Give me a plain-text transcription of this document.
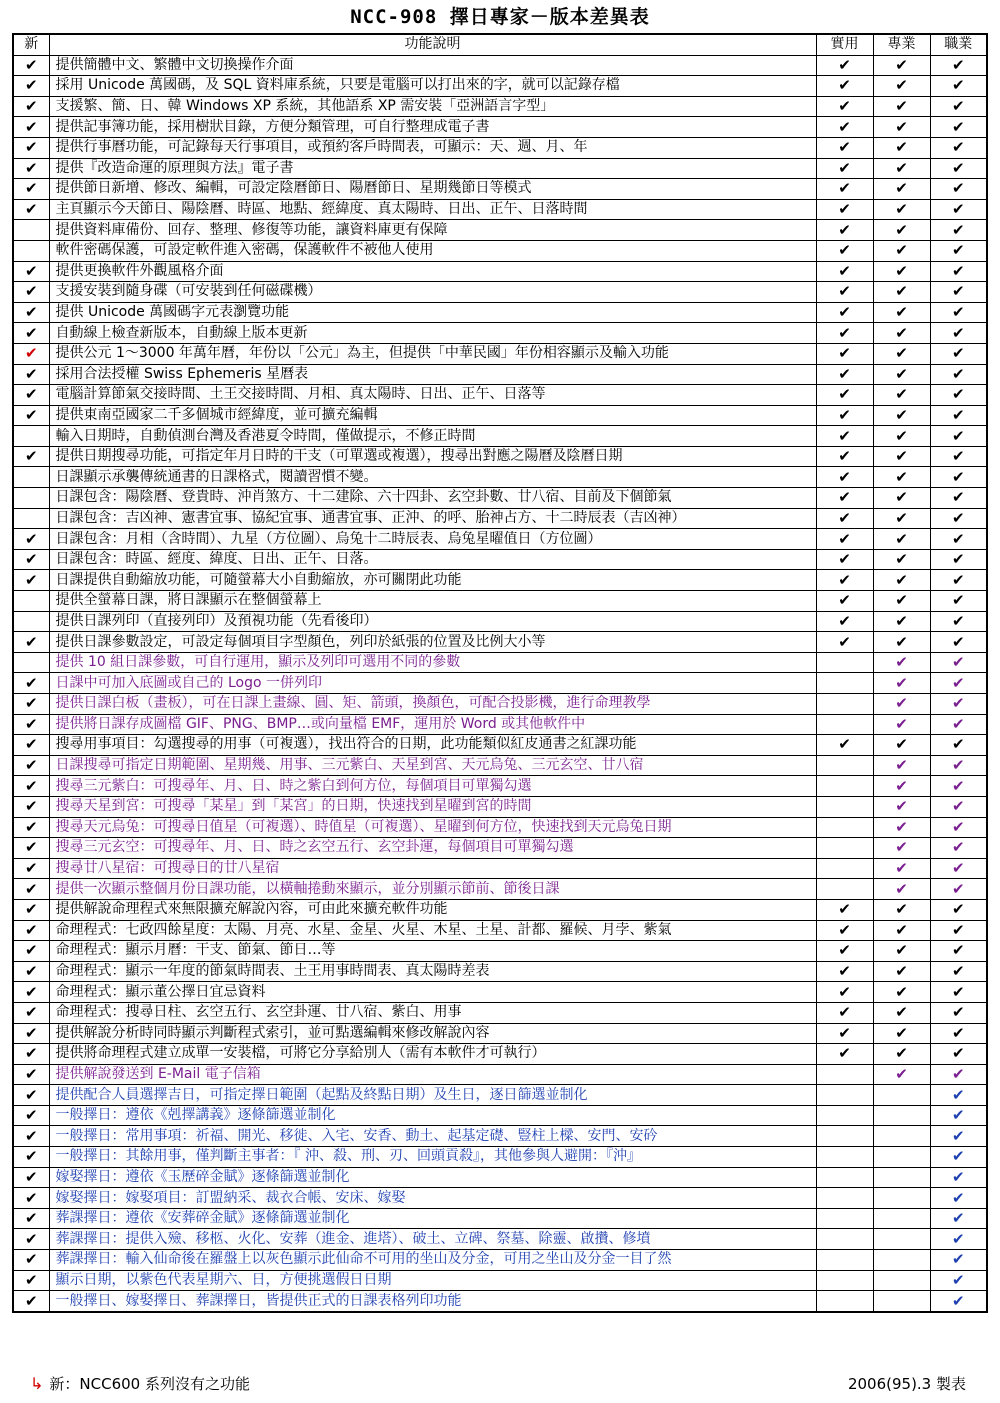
NCC-908 擇日專家－版本差異表
新	功能說明	實用	專業	職業
✔	提供簡體中文、繁體中文切換操作介面	✔	✔	✔
✔	採用 Unicode 萬國碼，及 SQL 資料庫系統，只要是電腦可以打出來的字，就可以記錄存檔	✔	✔	✔
✔	支援繁、簡、日、韓 Windows XP 系統，其他語系 XP 需安裝「亞洲語言字型」	✔	✔	✔
✔	提供記事簿功能，採用樹狀目錄，方便分類管理，可自行整理成電子書	✔	✔	✔
✔	提供行事曆功能，可記錄每天行事項目，或預約客戶時間表，可顯示：天、週、月、年	✔	✔	✔
✔	提供『改造命運的原理與方法』電子書	✔	✔	✔
✔	提供節日新增、修改、編輯，可設定陰曆節日、陽曆節日、星期幾節日等模式	✔	✔	✔
✔	主頁顯示今天節日、陽陰曆、時區、地點、經緯度、真太陽時、日出、正午、日落時間	✔	✔	✔
	提供資料庫備份、回存、整理、修復等功能，讓資料庫更有保障	✔	✔	✔
	軟件密碼保護，可設定軟件進入密碼，保護軟件不被他人使用	✔	✔	✔
✔	提供更換軟件外觀風格介面	✔	✔	✔
✔	支援安裝到隨身碟（可安裝到任何磁碟機）	✔	✔	✔
✔	提供 Unicode 萬國碼字元表瀏覽功能	✔	✔	✔
✔	自動線上檢查新版本，自動線上版本更新	✔	✔	✔
✔	提供公元 1～3000 年萬年曆，年份以「公元」為主，但提供「中華民國」年份相容顯示及輸入功能	✔	✔	✔
✔	採用合法授權 Swiss Ephemeris 星曆表	✔	✔	✔
✔	電腦計算節氣交接時間、土王交接時間、月相、真太陽時、日出、正午、日落等	✔	✔	✔
✔	提供東南亞國家二千多個城市經緯度，並可擴充編輯	✔	✔	✔
	輸入日期時，自動偵測台灣及香港夏令時間，僅做提示，不修正時間	✔	✔	✔
✔	提供日期搜尋功能，可指定年月日時的干支（可單選或複選），搜尋出對應之陽曆及陰曆日期	✔	✔	✔
	日課顯示承襲傳統通書的日課格式，閱讀習慣不變。	✔	✔	✔
	日課包含：陽陰曆、登貴時、沖肖煞方、十二建除、六十四卦、玄空卦數、廿八宿、目前及下個節氣	✔	✔	✔
	日課包含：吉凶神、憲書宜事、協紀宜事、通書宜事、正沖、的呼、胎神占方、十二時辰表（吉凶神）	✔	✔	✔
✔	日課包含：月相（含時間）、九星（方位圖）、烏兔十二時辰表、烏兔星曜值日（方位圖）	✔	✔	✔
✔	日課包含：時區、經度、緯度、日出、正午、日落。	✔	✔	✔
✔	日課提供自動縮放功能，可隨螢幕大小自動縮放，亦可關閉此功能	✔	✔	✔
	提供全螢幕日課，將日課顯示在整個螢幕上	✔	✔	✔
	提供日課列印（直接列印）及預視功能（先看後印）	✔	✔	✔
✔	提供日課參數設定，可設定每個項目字型顏色，列印於紙張的位置及比例大小等	✔	✔	✔
	提供 10 組日課參數，可自行運用，顯示及列印可選用不同的參數		✔	✔
✔	日課中可加入底圖或自己的 Logo 一併列印		✔	✔
✔	提供日課白板（畫板），可在日課上畫線、圓、矩、箭頭，換顏色，可配合投影機，進行命理教學		✔	✔
✔	提供將日課存成圖檔 GIF、PNG、BMP…或向量檔 EMF，運用於 Word 或其他軟件中		✔	✔
✔	搜尋用事項目：勾選搜尋的用事（可複選），找出符合的日期，此功能類似紅皮通書之紅課功能	✔	✔	✔
✔	日課搜尋可指定日期範圍、星期幾、用事、三元紫白、天星到宮、天元烏兔、三元玄空、廿八宿		✔	✔
✔	搜尋三元紫白：可搜尋年、月、日、時之紫白到何方位，每個項目可單獨勾選		✔	✔
✔	搜尋天星到宮：可搜尋「某星」到「某宮」的日期，快速找到星曜到宮的時間		✔	✔
✔	搜尋天元烏兔：可搜尋日值星（可複選）、時值星（可複選）、星曜到何方位，快速找到天元烏兔日期		✔	✔
✔	搜尋三元玄空：可搜尋年、月、日、時之玄空五行、玄空卦運，每個項目可單獨勾選		✔	✔
✔	搜尋廿八星宿：可搜尋日的廿八星宿		✔	✔
✔	提供一次顯示整個月份日課功能，以橫軸捲動來顯示，並分別顯示節前、節後日課		✔	✔
✔	提供解說命理程式來無限擴充解說內容，可由此來擴充軟件功能	✔	✔	✔
✔	命理程式：七政四餘星度：太陽、月亮、水星、金星、火星、木星、土星、計都、羅候、月孛、紫氣	✔	✔	✔
✔	命理程式：顯示月曆：干支、節氣、節日…等	✔	✔	✔
✔	命理程式：顯示一年度的節氣時間表、土王用事時間表、真太陽時差表	✔	✔	✔
✔	命理程式：顯示董公擇日宜忌資料	✔	✔	✔
✔	命理程式：搜尋日柱、玄空五行、玄空卦運、廿八宿、紫白、用事	✔	✔	✔
✔	提供解說分析時同時顯示判斷程式索引，並可點選編輯來修改解說內容	✔	✔	✔
✔	提供將命理程式建立成單一安裝檔，可將它分享給別人（需有本軟件才可執行）	✔	✔	✔
✔	提供解說發送到 E-Mail 電子信箱		✔	✔
✔	提供配合人員選擇吉日，可指定擇日範圍（起點及終點日期）及生日，逐日篩選並制化			✔
✔	一般擇日：遵依《剋擇講義》逐條篩選並制化			✔
✔	一般擇日：常用事項：祈福、開光、移徙、入宅、安香、動土、起基定礎、豎柱上樑、安門、安砛			✔
✔	一般擇日：其餘用事，僅判斷主事者：『 沖、殺、刑、刃、回頭貢殺』，其他參與人避開：『沖』			✔
✔	嫁娶擇日：遵依《玉歷碎金賦》逐條篩選並制化			✔
✔	嫁娶擇日：嫁娶項目：訂盟納采、裁衣合帳、安床、嫁娶			✔
✔	葬課擇日：遵依《安葬碎金賦》逐條篩選並制化			✔
✔	葬課擇日：提供入殮、移柩、火化、安葬（進金、進塔）、破土、立碑、祭墓、除靈、啟攢、修墳			✔
✔	葬課擇日：輸入仙命後在羅盤上以灰色顯示此仙命不可用的坐山及分金，可用之坐山及分金一目了然			✔
✔	顯示日期，以紫色代表星期六、日，方便挑選假日日期			✔
✔	一般擇日、嫁娶擇日、葬課擇日，皆提供正式的日課表格列印功能			✔
↳ 新：NCC600 系列沒有之功能	2006(95).3 製表
